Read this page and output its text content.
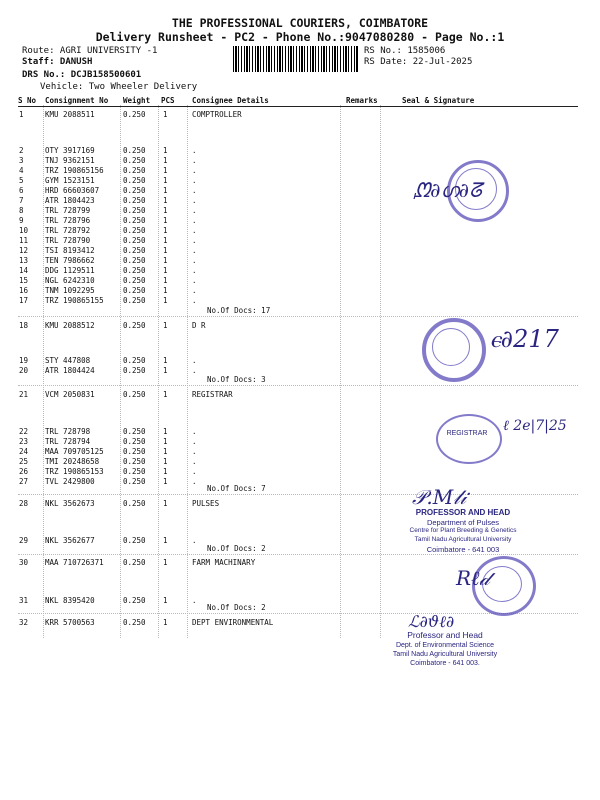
THE PROFESSIONAL COURIERS, COIMBATORE
Delivery Runsheet - PC2 - Phone No.:9047080280 - Page No.:1
Route: AGRI UNIVERSITY -1
Staff: DANUSH
DRS No.: DCJB158500601
Vehicle: Two Wheeler Delivery
RS No.: 1585006
RS Date: 22-Jul-2025
S No Consignment No Weight PCS Consignee Details	Remarks	Seal & Signature
1	KMU 2088511	0.250 1	COMPTROLLER
2	OTY 3917169	0.250 1	.
3	TNJ 9362151	0.250 1	.
4	TRZ 190865156	0.250 1	.
5	GYM 1523151	0.250 1	.
6	HRD 66603607	0.250 1	.
7	ATR 1804423	0.250 1	.
8	TRL 728799	0.250 1	.
9	TRL 728796	0.250 1	.
10 TRL 728792	0.250 1	.
11 TRL 728790	0.250 1	.
12 TSI 8193412	0.250 1	.
13 TEN 7986662	0.250 1	.
14 DDG 1129511	0.250 1	.
15 NGL 6242310	0.250 1	.
16 TNM 1092295	0.250 1	.
17 TRZ 190865155	0.250 1	.
18 KMU 2088512	0.250 1	D R
19 STY 447808	0.250 1	.
20 ATR 1804424	0.250 1	.
21 VCM 2050831	0.250 1	REGISTRAR
22 TRL 728798	0.250 1	.
23 TRL 728794	0.250 1	.
24 MAA 709705125	0.250 1	.
25 TMI 20248658	0.250 1	.
26 TRZ 190865153	0.250 1	.
27 TVL 2429800	0.250 1	.
28 NKL 3562673	0.250 1	PULSES
29 NKL 3562677	0.250 1	.
30 MAA 710726371	0.250 1	FARM MACHINARY
31 NKL 8395420	0.250 1	.
32 KRR 5700563	0.250 1	DEPT ENVIRONMENTAL
No.Of Docs: 17
No.Of Docs: 3
No.Of Docs: 7
No.Of Docs: 2
No.Of Docs: 2
ᘻ∂ഗ∂ᘔ
ⲉ∂217
REGISTRAR ℓ 2e|7|25
𝒫.M𝓁𝒾
PROFESSOR AND HEAD
Department of Pulses
Centre for Plant Breeding & Genetics
Tamil Nadu Agricultural University
Coimbatore - 641 003
Rℓ𝒹
ℒ∂ϑℓ∂
Professor and Head
Dept. of Environmental Science
Tamil Nadu Agricultural University
Coimbatore - 641 003.
